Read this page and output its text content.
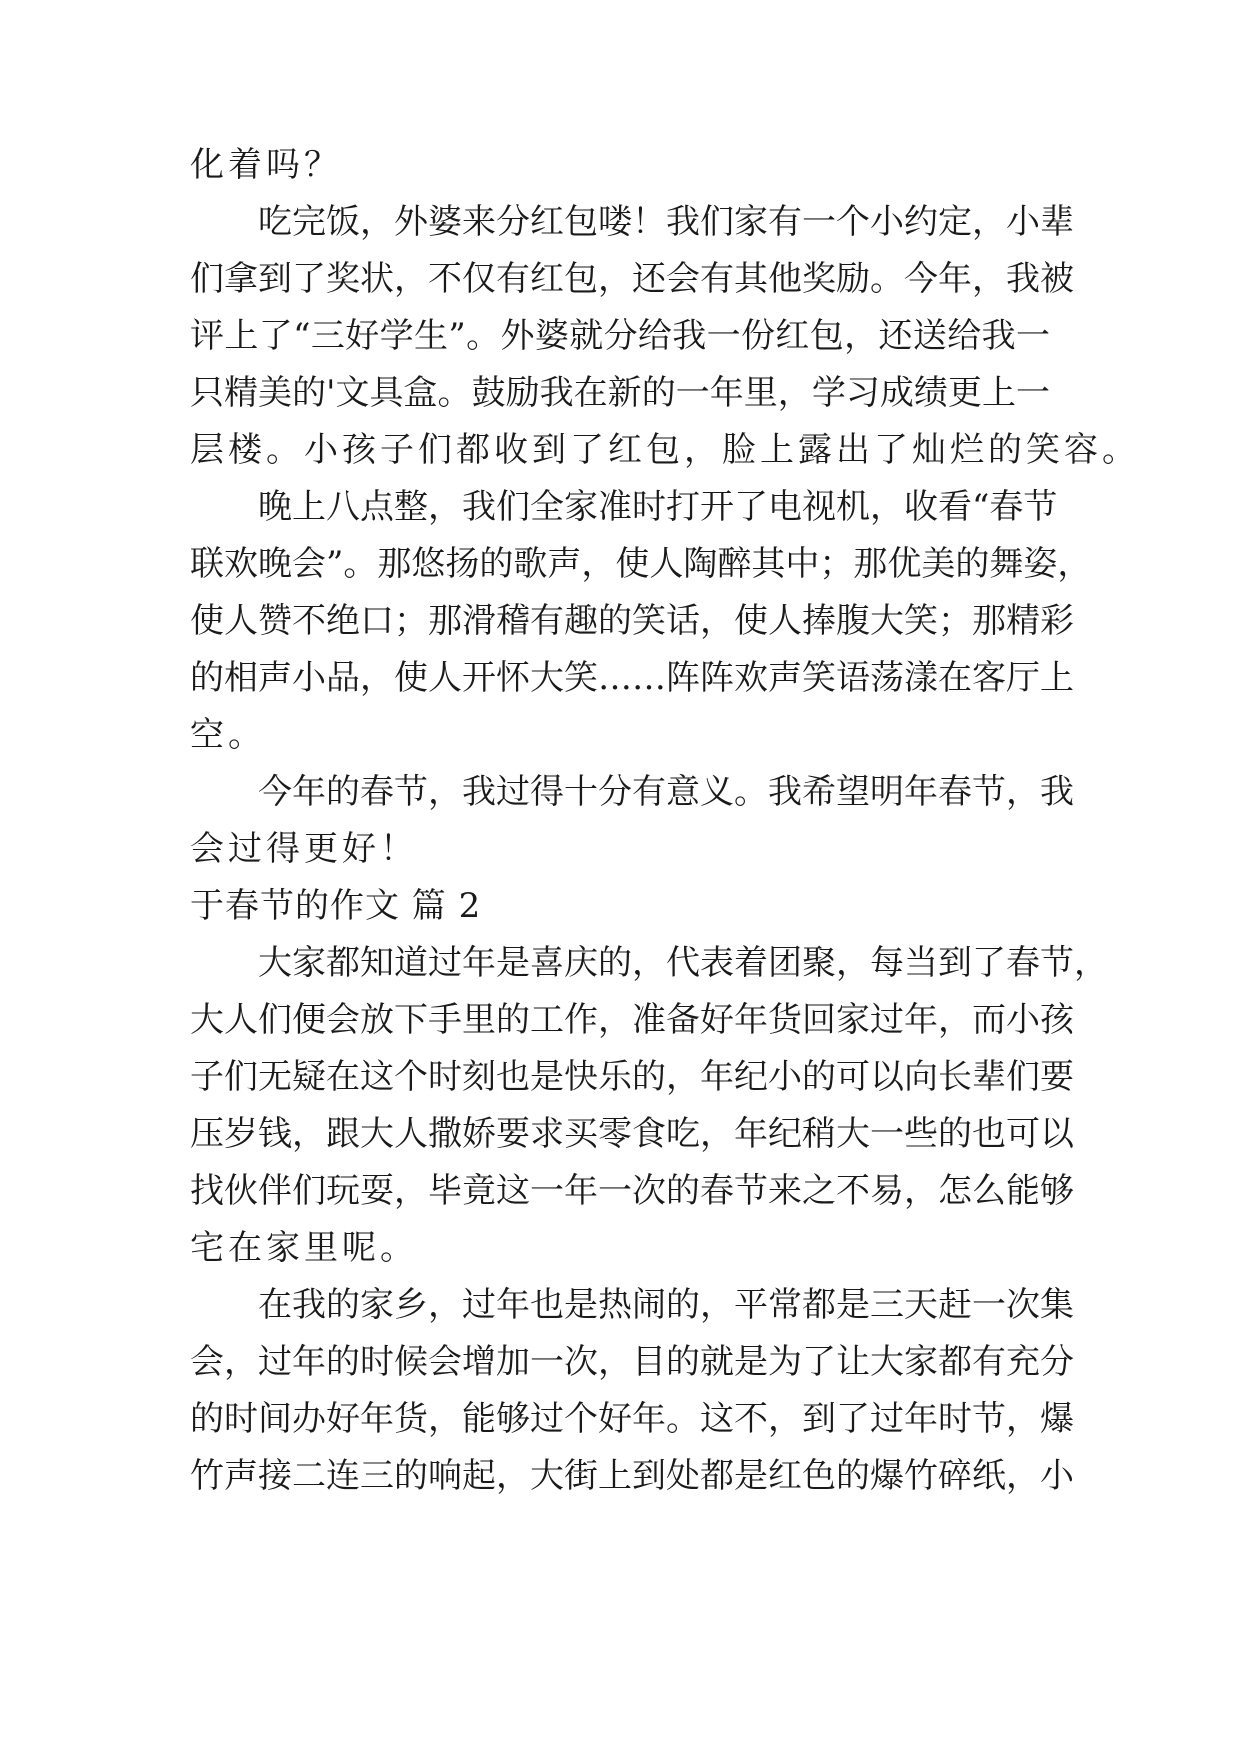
化着吗？
吃完饭，外婆来分红包喽！我们家有一个小约定，小辈
们拿到了奖状，不仅有红包，还会有其他奖励。今年，我被
评上了“三好学生”。外婆就分给我一份红包，还送给我一
只精美的'文具盒。鼓励我在新的一年里，学习成绩更上一
层楼。小孩子们都收到了红包，脸上露出了灿烂的笑容。
晚上八点整，我们全家准时打开了电视机，收看“春节
联欢晚会”。那悠扬的歌声，使人陶醉其中；那优美的舞姿，
使人赞不绝口；那滑稽有趣的笑话，使人捧腹大笑；那精彩
的相声小品，使人开怀大笑……阵阵欢声笑语荡漾在客厅上
空。
今年的春节，我过得十分有意义。我希望明年春节，我
会过得更好！
于春节的作文 篇 2
大家都知道过年是喜庆的，代表着团聚，每当到了春节，
大人们便会放下手里的工作，准备好年货回家过年，而小孩
子们无疑在这个时刻也是快乐的，年纪小的可以向长辈们要
压岁钱，跟大人撒娇要求买零食吃，年纪稍大一些的也可以
找伙伴们玩耍，毕竟这一年一次的春节来之不易，怎么能够
宅在家里呢。
在我的家乡，过年也是热闹的，平常都是三天赶一次集
会，过年的时候会增加一次，目的就是为了让大家都有充分
的时间办好年货，能够过个好年。这不，到了过年时节，爆
竹声接二连三的响起，大街上到处都是红色的爆竹碎纸，小
